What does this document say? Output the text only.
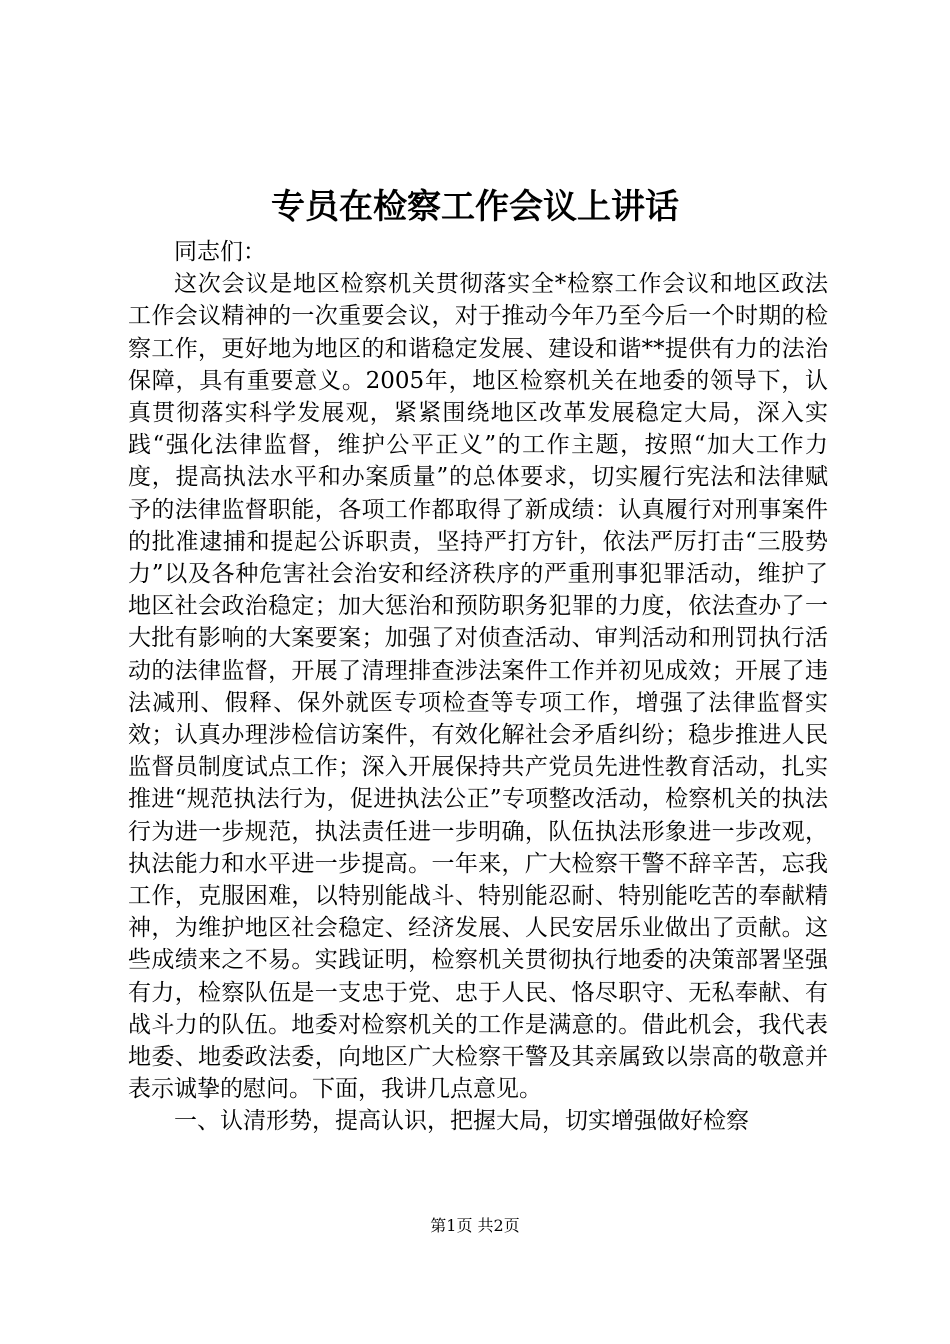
专员在检察工作会议上讲话

同志们：

这次会议是地区检察机关贯彻落实全*检察工作会议和地区政法工作会议精神的一次重要会议，对于推动今年乃至今后一个时期的检察工作，更好地为地区的和谐稳定发展、建设和谐**提供有力的法治保障，具有重要意义。2005年，地区检察机关在地委的领导下，认真贯彻落实科学发展观，紧紧围绕地区改革发展稳定大局，深入实践“强化法律监督，维护公平正义”的工作主题，按照“加大工作力度，提高执法水平和办案质量”的总体要求，切实履行宪法和法律赋予的法律监督职能，各项工作都取得了新成绩：认真履行对刑事案件的批准逮捕和提起公诉职责，坚持严打方针，依法严厉打击“三股势力”以及各种危害社会治安和经济秩序的严重刑事犯罪活动，维护了地区社会政治稳定；加大惩治和预防职务犯罪的力度，依法查办了一大批有影响的大案要案；加强了对侦查活动、审判活动和刑罚执行活动的法律监督，开展了清理排查涉法案件工作并初见成效；开展了违法减刑、假释、保外就医专项检查等专项工作，增强了法律监督实效；认真办理涉检信访案件，有效化解社会矛盾纠纷；稳步推进人民监督员制度试点工作；深入开展保持共产党员先进性教育活动，扎实推进“规范执法行为，促进执法公正”专项整改活动，检察机关的执法行为进一步规范，执法责任进一步明确，队伍执法形象进一步改观，执法能力和水平进一步提高。一年来，广大检察干警不辞辛苦，忘我工作，克服困难，以特别能战斗、特别能忍耐、特别能吃苦的奉献精神，为维护地区社会稳定、经济发展、人民安居乐业做出了贡献。这些成绩来之不易。实践证明，检察机关贯彻执行地委的决策部署坚强有力，检察队伍是一支忠于党、忠于人民、恪尽职守、无私奉献、有战斗力的队伍。地委对检察机关的工作是满意的。借此机会，我代表地委、地委政法委，向地区广大检察干警及其亲属致以崇高的敬意并表示诚挚的慰问。下面，我讲几点意见。

一、认清形势，提高认识，把握大局，切实增强做好检察

第1页 共2页
